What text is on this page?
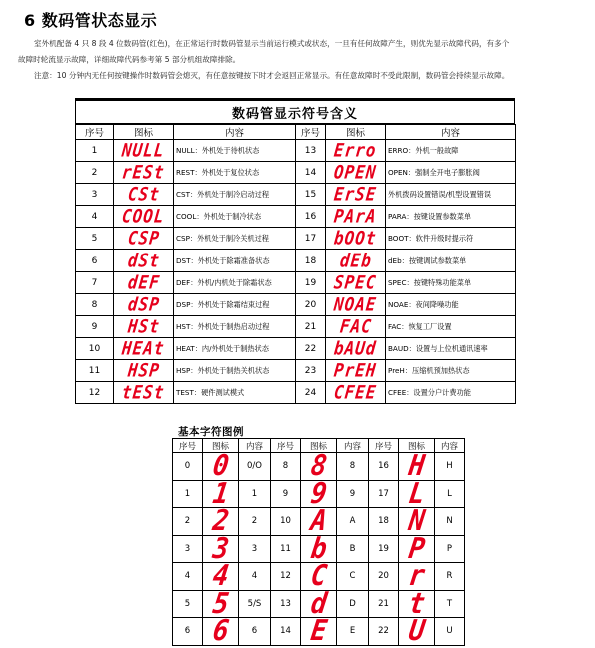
6 数码管状态显示
室外机配备 4 只 8 段 4 位数码管(红色)，在正常运行时数码管显示当前运行模式或状态，一旦有任何故障产生，则优先显示故障代码，有多个
故障时轮流显示故障，详细故障代码参考第 5 部分机组故障排除。
注意：10 分钟内无任何按键操作时数码管会熄灭，有任意按键按下时才会返回正常显示。有任意故障时不受此限制，数码管会持续显示故障。
数码管显示符号含义
序号	图标	内容	序号	图标	内容
1	NULL	NULL：外机处于待机状态	13	Erro	ERRO：外机一般故障
2	rESt	REST：外机处于复位状态	14	OPEN	OPEN：强制全开电子膨胀阀
3	CSt	CST：外机处于制冷启动过程	15	ErSE	外机拨码设置错误/机型设置错误
4	COOL	COOL：外机处于制冷状态	16	PArA	PARA：按键设置参数菜单
5	CSP	CSP：外机处于制冷关机过程	17	bOOt	BOOT：软件升级时提示符
6	dSt	DST：外机处于除霜准备状态	18	dEb	dEb：按键调试参数菜单
7	dEF	DEF：外机/内机处于除霜状态	19	SPEC	SPEC：按键特殊功能菜单
8	dSP	DSP：外机处于除霜结束过程	20	NOAE	NOAE：夜间降噪功能
9	HSt	HST：外机处于制热启动过程	21	FAC	FAC：恢复工厂设置
10	HEAt	HEAT：内/外机处于制热状态	22	bAUd	BAUD：设置与上位机通讯速率
11	HSP	HSP：外机处于制热关机状态	23	PrEH	PreH：压缩机预加热状态
12	tESt	TEST：硬件测试模式	24	CFEE	CFEE：设置分户计费功能
基本字符图例
序号	图标	内容	序号	图标	内容	序号	图标	内容
0	0	0/O	8	8	8	16	H	H
1	1	1	9	9	9	17	L	L
2	2	2	10	A	A	18	N	N
3	3	3	11	b	B	19	P	P
4	4	4	12	C	C	20	r	R
5	5	5/S	13	d	D	21	t	T
6	6	6	14	E	E	22	U	U
